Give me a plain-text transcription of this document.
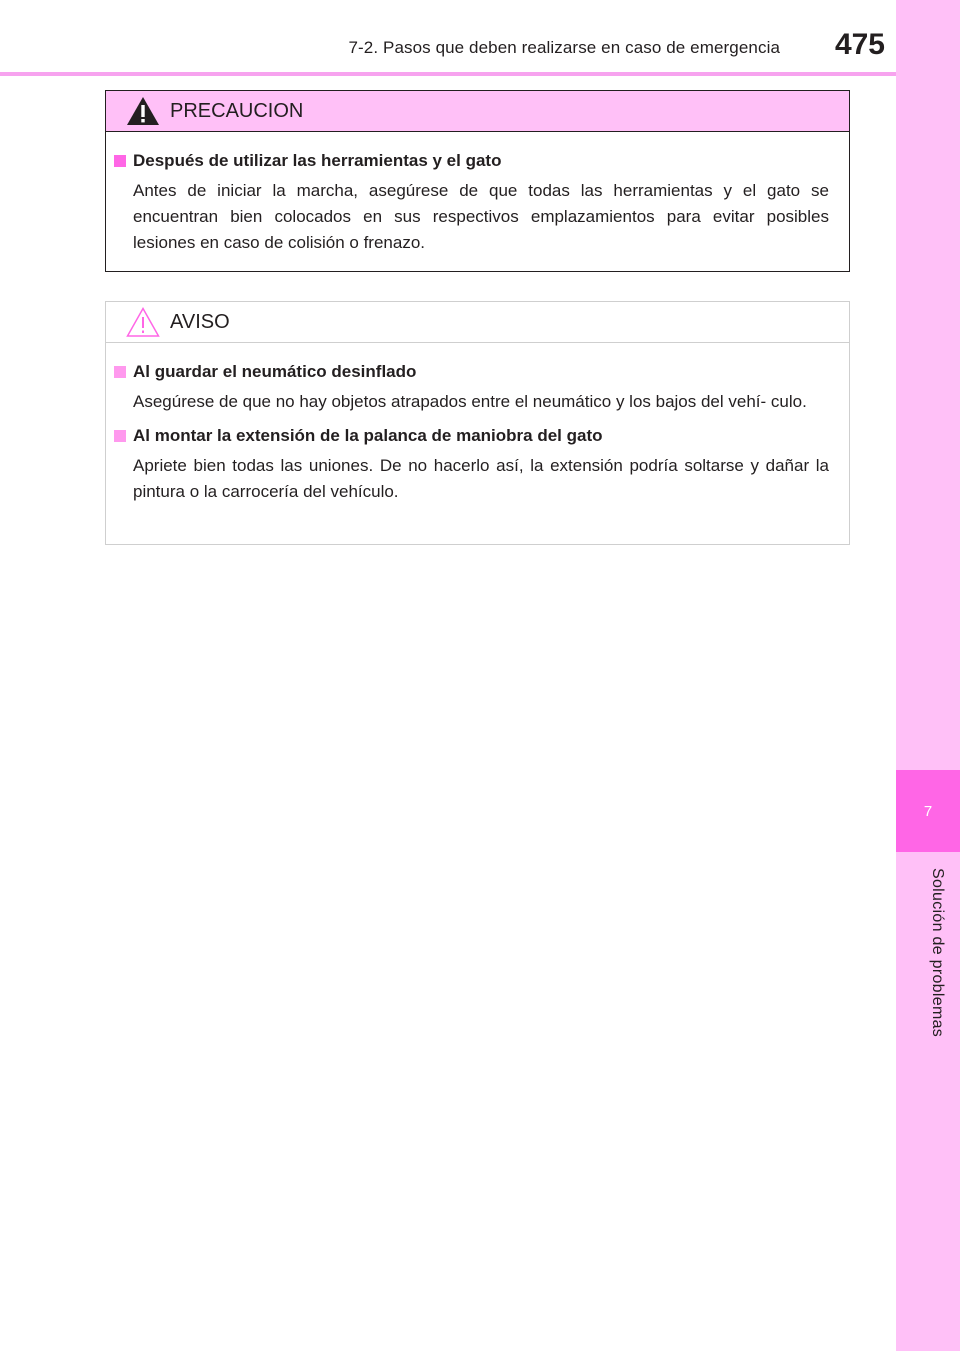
7-2. Pasos que deben realizarse en caso de emergencia	475
7
Solución de problemas
PRECAUCION
Después de utilizar las herramientas y el gato
Antes de iniciar la marcha, asegúrese de que todas las herramientas y el gato se encuentran bien colocados en sus respectivos emplazamientos para evitar posibles lesiones en caso de colisión o frenazo.
AVISO
Al guardar el neumático desinflado
Asegúrese de que no hay objetos atrapados entre el neumático y los bajos del vehí- culo.
Al montar la extensión de la palanca de maniobra del gato
Apriete bien todas las uniones. De no hacerlo así, la extensión podría soltarse y dañar la pintura o la carrocería del vehículo.
